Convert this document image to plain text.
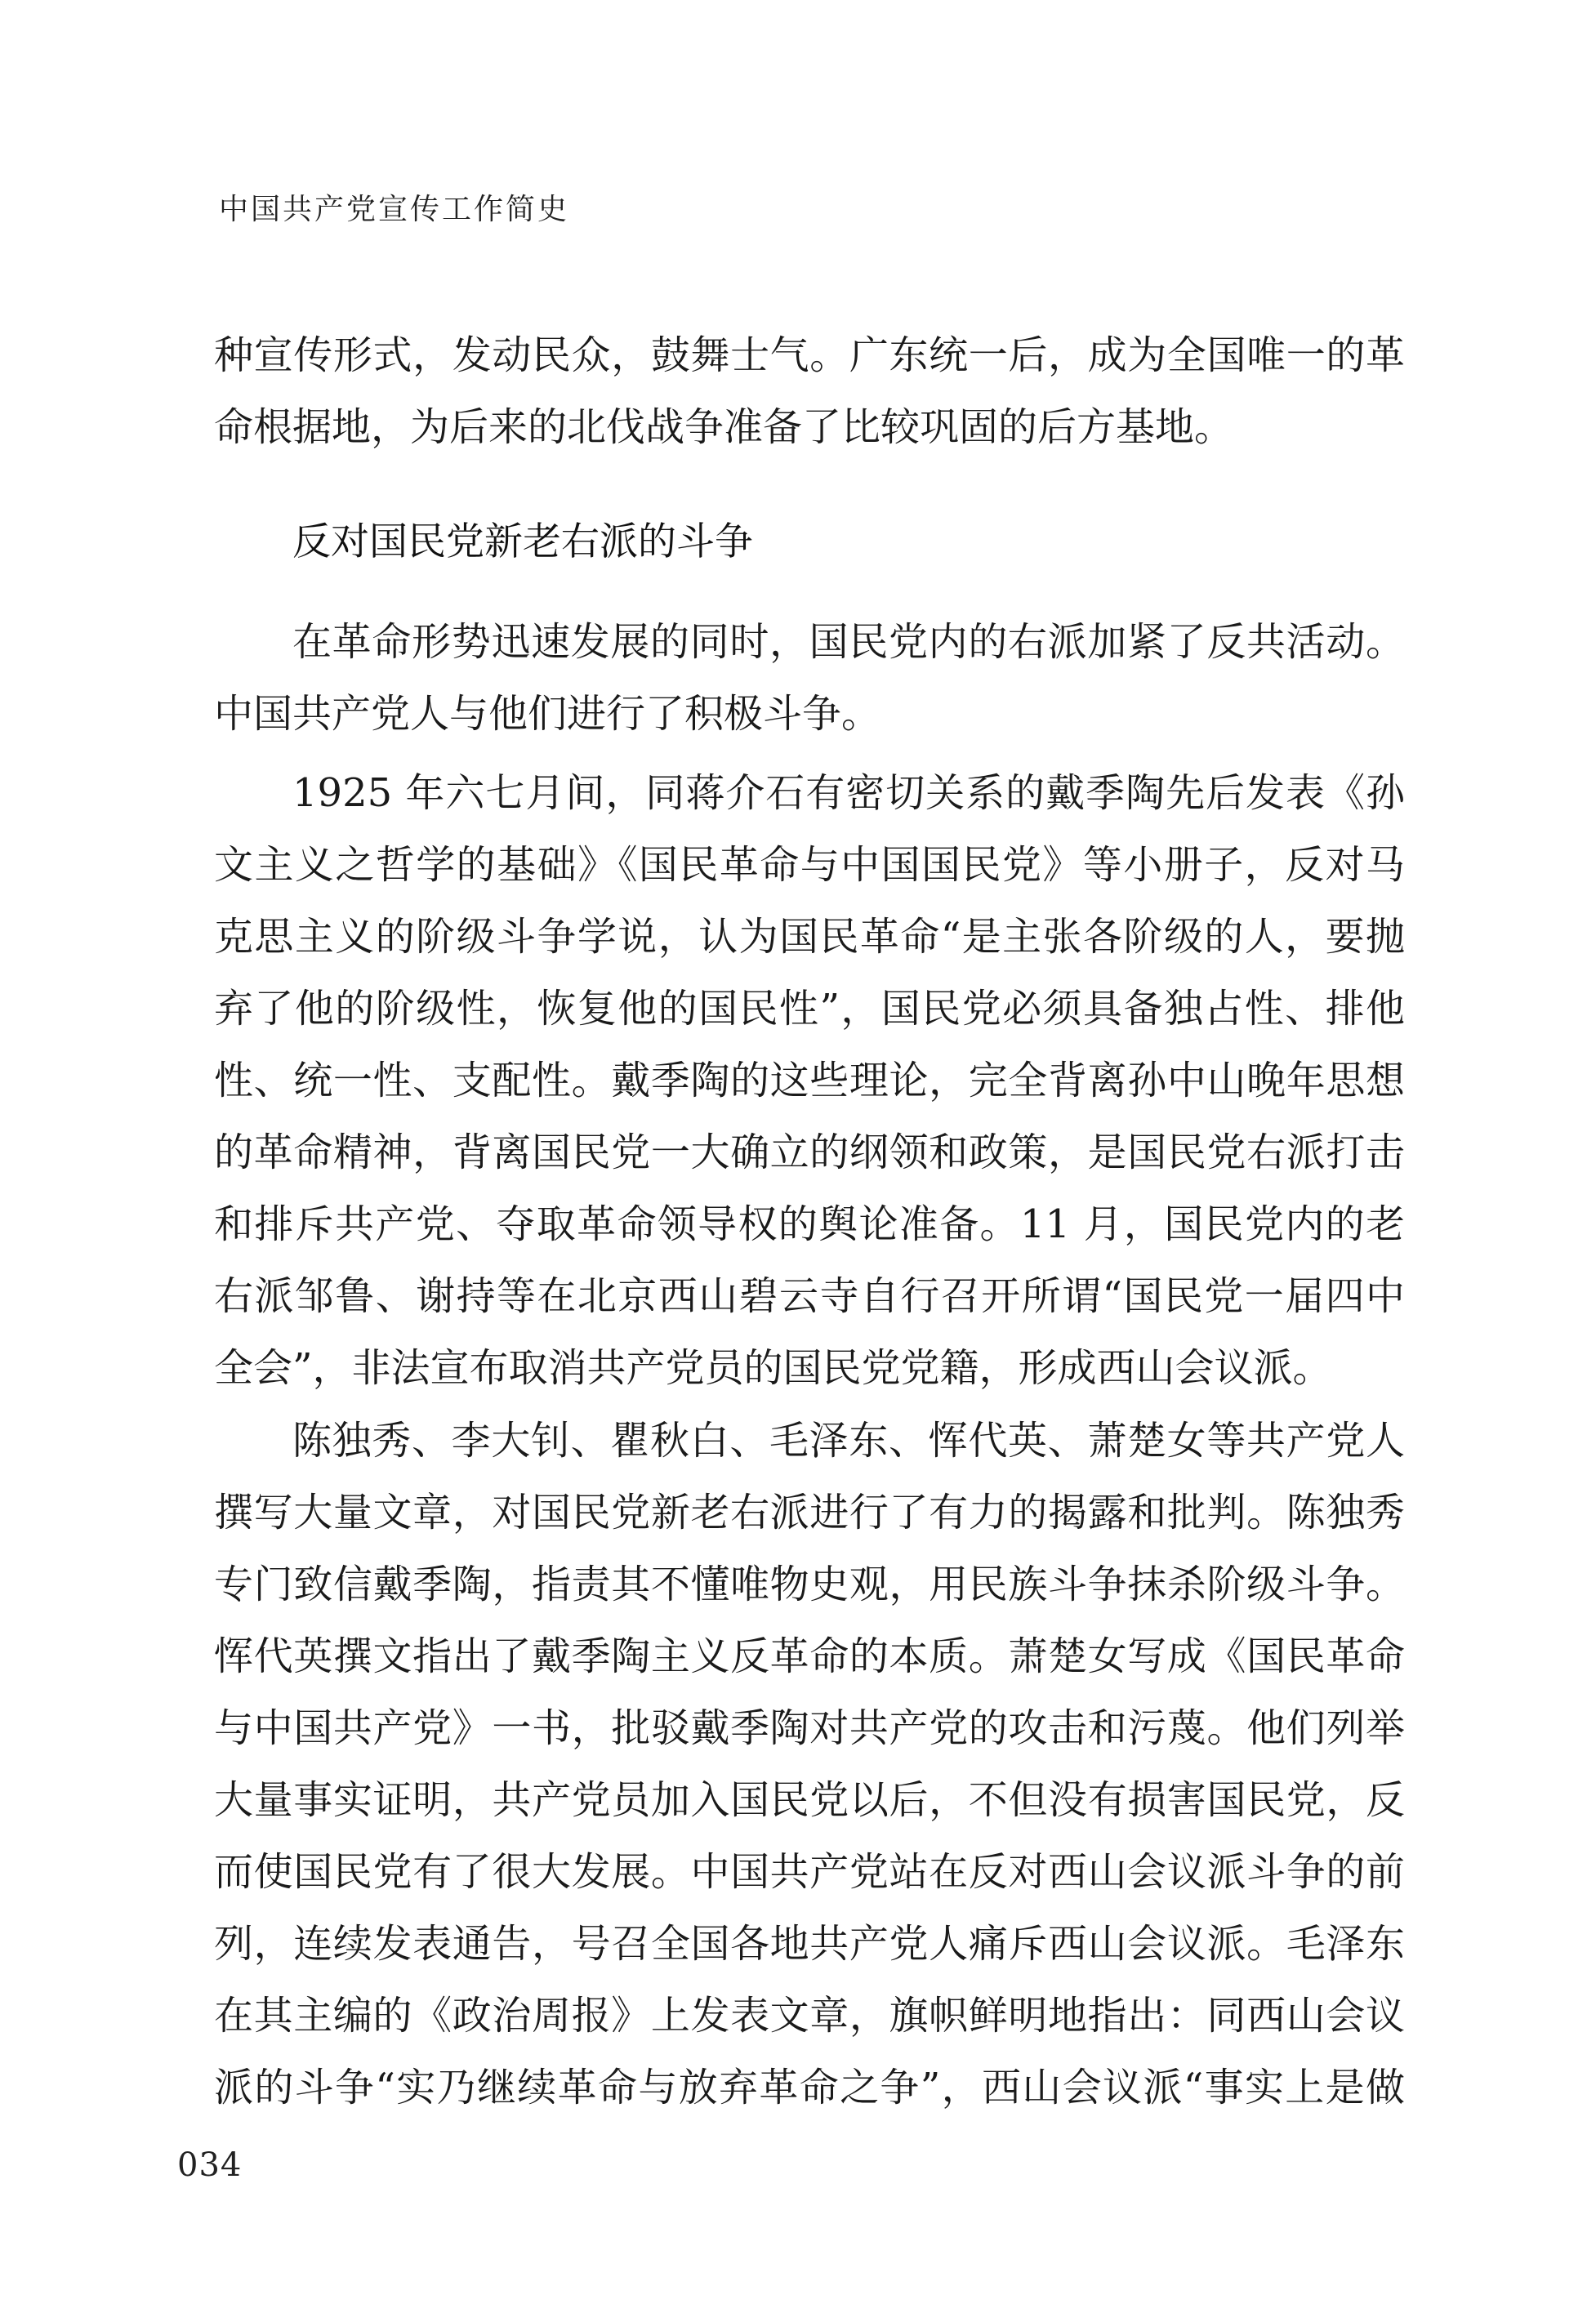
中国共产党宣传工作简史
种宣传形式，发动民众，鼓舞士气。广东统一后，成为全国唯一的革
命根据地，为后来的北伐战争准备了比较巩固的后方基地。
反对国民党新老右派的斗争
在革命形势迅速发展的同时，国民党内的右派加紧了反共活动。
中国共产党人与他们进行了积极斗争。
1925 年六七月间，同蒋介石有密切关系的戴季陶先后发表《孙
文主义之哲学的基础》《国民革命与中国国民党》等小册子，反对马
克思主义的阶级斗争学说，认为国民革命“是主张各阶级的人，要抛
弃了他的阶级性，恢复他的国民性”，国民党必须具备独占性、排他
性、统一性、支配性。戴季陶的这些理论，完全背离孙中山晚年思想
的革命精神，背离国民党一大确立的纲领和政策，是国民党右派打击
和排斥共产党、夺取革命领导权的舆论准备。11 月，国民党内的老
右派邹鲁、谢持等在北京西山碧云寺自行召开所谓“国民党一届四中
全会”，非法宣布取消共产党员的国民党党籍，形成西山会议派。
陈独秀、李大钊、瞿秋白、毛泽东、恽代英、萧楚女等共产党人
撰写大量文章，对国民党新老右派进行了有力的揭露和批判。陈独秀
专门致信戴季陶，指责其不懂唯物史观，用民族斗争抹杀阶级斗争。
恽代英撰文指出了戴季陶主义反革命的本质。萧楚女写成《国民革命
与中国共产党》一书，批驳戴季陶对共产党的攻击和污蔑。他们列举
大量事实证明，共产党员加入国民党以后，不但没有损害国民党，反
而使国民党有了很大发展。中国共产党站在反对西山会议派斗争的前
列，连续发表通告，号召全国各地共产党人痛斥西山会议派。毛泽东
在其主编的《政治周报》上发表文章，旗帜鲜明地指出：同西山会议
派的斗争“实乃继续革命与放弃革命之争”，西山会议派“事实上是做
034
